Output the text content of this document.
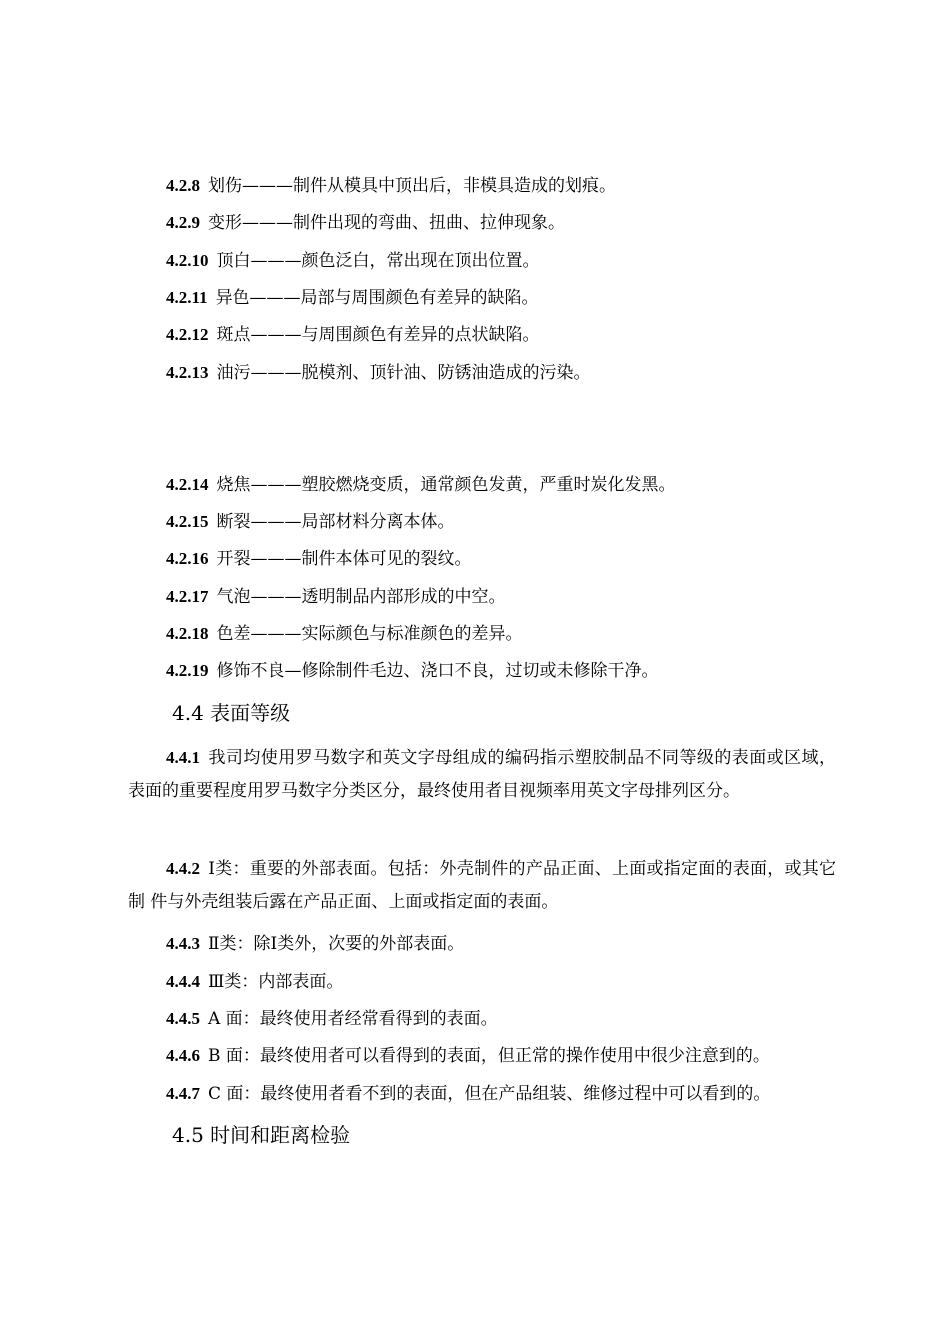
4.2.8 划伤———制件从模具中顶出后，非模具造成的划痕。
4.2.9 变形———制件出现的弯曲、扭曲、拉伸现象。
4.2.10 顶白———颜色泛白，常出现在顶出位置。
4.2.11 异色———局部与周围颜色有差异的缺陷。
4.2.12 斑点———与周围颜色有差异的点状缺陷。
4.2.13 油污———脱模剂、顶针油、防锈油造成的污染。
4.2.14 烧焦———塑胶燃烧变质，通常颜色发黄，严重时炭化发黑。
4.2.15 断裂———局部材料分离本体。
4.2.16 开裂———制件本体可见的裂纹。
4.2.17 气泡———透明制品内部形成的中空。
4.2.18 色差———实际颜色与标准颜色的差异。
4.2.19 修饰不良—修除制件毛边、浇口不良，过切或未修除干净。
4.4 表面等级
4.4.1 我司均使用罗马数字和英文字母组成的编码指示塑胶制品不同等级的表面或区域，表面的重要程度用罗马数字分类区分，最终使用者目视频率用英文字母排列区分。
4.4.2 Ⅰ类：重要的外部表面。包括：外壳制件的产品正面、上面或指定面的表面，或其它制 件与外壳组装后露在产品正面、上面或指定面的表面。
4.4.3 Ⅱ类：除Ⅰ类外，次要的外部表面。
4.4.4 Ⅲ类：内部表面。
4.4.5 A 面：最终使用者经常看得到的表面。
4.4.6 B 面：最终使用者可以看得到的表面，但正常的操作使用中很少注意到的。
4.4.7 C 面：最终使用者看不到的表面，但在产品组装、维修过程中可以看到的。
4.5 时间和距离检验
